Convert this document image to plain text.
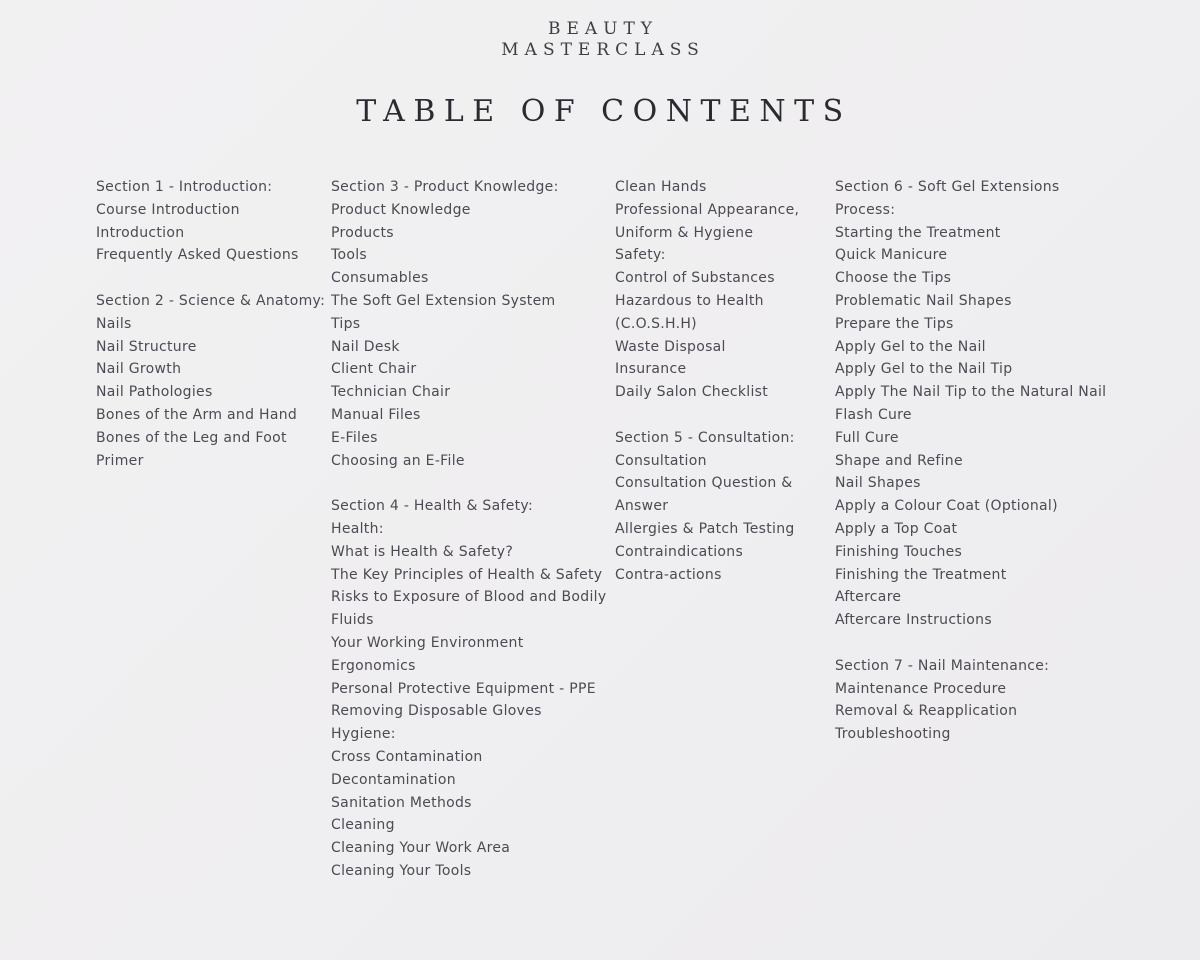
BEAUTY
MASTERCLASS
TABLE OF CONTENTS
Section 1 - Introduction:
Course Introduction
Introduction
Frequently Asked Questions
Section 2 - Science & Anatomy:
Nails
Nail Structure
Nail Growth
Nail Pathologies
Bones of the Arm and Hand
Bones of the Leg and Foot
Primer
Section 3 - Product Knowledge:
Product Knowledge
Products
Tools
Consumables
The Soft Gel Extension System
Tips
Nail Desk
Client Chair
Technician Chair
Manual Files
E-Files
Choosing an E-File
Section 4 - Health & Safety:
Health:
What is Health & Safety?
The Key Principles of Health & Safety
Risks to Exposure of Blood and Bodily
Fluids
Your Working Environment
Ergonomics
Personal Protective Equipment - PPE
Removing Disposable Gloves
Hygiene:
Cross Contamination
Decontamination
Sanitation Methods
Cleaning
Cleaning Your Work Area
Cleaning Your Tools
Clean Hands
Professional Appearance,
Uniform & Hygiene
Safety:
Control of Substances
Hazardous to Health
(C.O.S.H.H)
Waste Disposal
Insurance
Daily Salon Checklist
Section 5 - Consultation:
Consultation
Consultation Question &
Answer
Allergies & Patch Testing
Contraindications
Contra-actions
Section 6 - Soft Gel Extensions
Process:
Starting the Treatment
Quick Manicure
Choose the Tips
Problematic Nail Shapes
Prepare the Tips
Apply Gel to the Nail
Apply Gel to the Nail Tip
Apply The Nail Tip to the Natural Nail
Flash Cure
Full Cure
Shape and Refine
Nail Shapes
Apply a Colour Coat (Optional)
Apply a Top Coat
Finishing Touches
Finishing the Treatment
Aftercare
Aftercare Instructions
Section 7 - Nail Maintenance:
Maintenance Procedure
Removal & Reapplication
Troubleshooting
